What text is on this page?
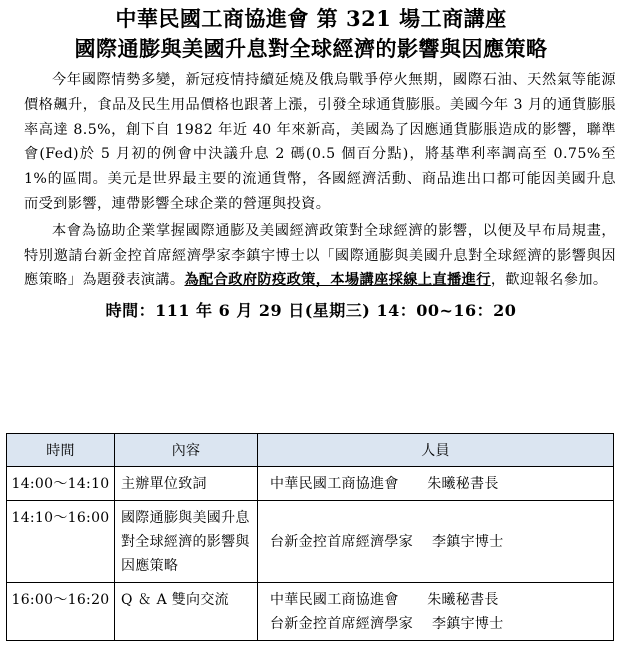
中華民國工商協進會 第 321 場工商講座
國際通膨與美國升息對全球經濟的影響與因應策略

今年國際情勢多變，新冠疫情持續延燒及俄烏戰爭停火無期，國際石油、天然氣等能源價格飆升，食品及民生用品價格也跟著上漲，引發全球通貨膨脹。美國今年 3 月的通貨膨脹率高達 8.5%，創下自 1982 年近 40 年來新高，美國為了因應通貨膨脹造成的影響，聯準會(Fed)於 5 月初的例會中決議升息 2 碼(0.5 個百分點)，將基準利率調高至 0.75%至 1%的區間。美元是世界最主要的流通貨幣，各國經濟活動、商品進出口都可能因美國升息而受到影響，連帶影響全球企業的營運與投資。

本會為協助企業掌握國際通膨及美國經濟政策對全球經濟的影響，以便及早布局規畫，特別邀請台新金控首席經濟學家李鎮宇博士以「國際通膨與美國升息對全球經濟的影響與因應策略」為題發表演講。為配合政府防疫政策，本場講座採線上直播進行，歡迎報名參加。

時間：111 年 6 月 29 日(星期三) 14：00~16：20
時間	內容	人員
14:00～14:10	主辦單位致詞	中華民國工商協進會      朱曦秘書長

14:10～16:00	國際通膨與美國升息對全球經濟的影響與因應策略	台新金控首席經濟學家    李鎮宇博士

16:00～16:20	Q ＆ A 雙向交流	中華民國工商協進會      朱曦秘書長
台新金控首席經濟學家    李鎮宇博士
